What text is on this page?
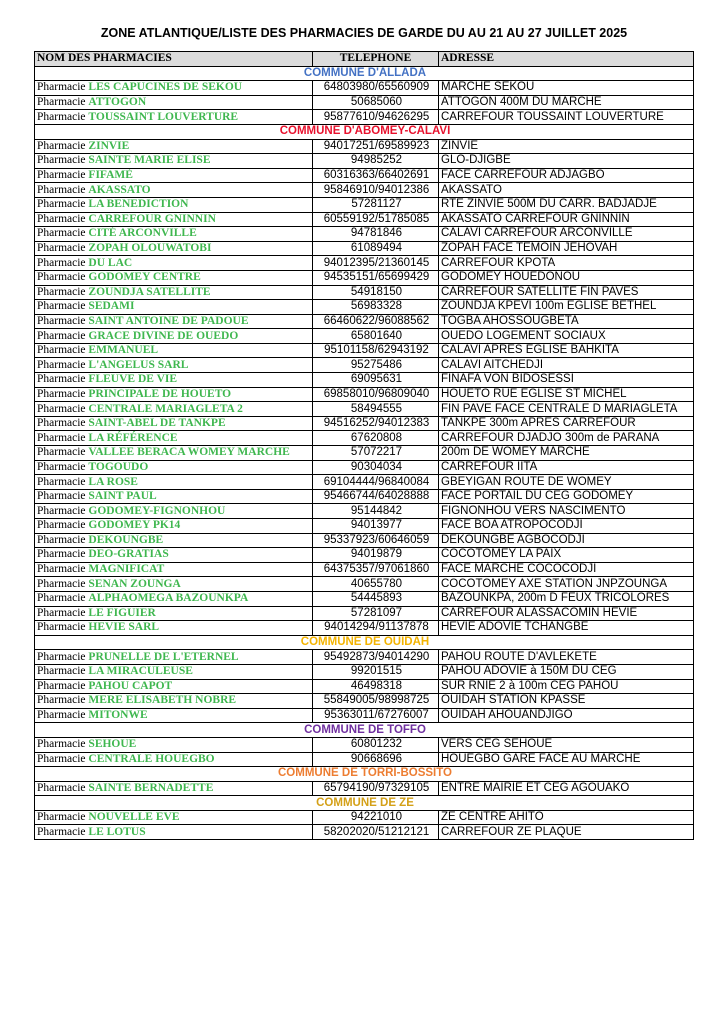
ZONE ATLANTIQUE/LISTE DES PHARMACIES DE GARDE DU AU 21 AU 27 JUILLET 2025
NOM DES PHARMACIES	TELEPHONE	ADRESSE
COMMUNE D'ALLADA		
Pharmacie LES CAPUCINES DE SEKOU	64803980/65560909	MARCHE SEKOU
Pharmacie ATTOGON	50685060	ATTOGON 400M DU MARCHE
Pharmacie TOUSSAINT LOUVERTURE	95877610/94626295	CARREFOUR TOUSSAINT LOUVERTURE
COMMUNE D'ABOMEY-CALAVI		
Pharmacie ZINVIE	94017251/69589923	ZINVIE
Pharmacie SAINTE MARIE ELISE	94985252	GLO-DJIGBE
Pharmacie FIFAMÈ	60316363/66402691	FACE CARREFOUR ADJAGBO
Pharmacie AKASSATO	95846910/94012386	AKASSATO
Pharmacie LA BENEDICTION	57281127	RTE ZINVIE 500M DU CARR. BADJADJE
Pharmacie CARREFOUR GNINNIN	60559192/51785085	AKASSATO CARREFOUR GNINNIN
Pharmacie CITÉ ARCONVILLE	94781846	CALAVI CARREFOUR ARCONVILLE
Pharmacie ZOPAH OLOUWATOBI	61089494	ZOPAH FACE TEMOIN JEHOVAH
Pharmacie DU LAC	94012395/21360145	CARREFOUR KPOTA
Pharmacie GODOMEY CENTRE	94535151/65699429	GODOMEY HOUEDONOU
Pharmacie ZOUNDJA SATELLITE	54918150	CARREFOUR SATELLITE FIN PAVES
Pharmacie SEDAMI	56983328	ZOUNDJA KPEVI 100m EGLISE BETHEL
Pharmacie SAINT ANTOINE DE PADOUE	66460622/96088562	TOGBA AHOSSOUGBETA
Pharmacie GRACE DIVINE DE OUEDO	65801640	OUEDO LOGEMENT SOCIAUX
Pharmacie EMMANUEL	95101158/62943192	CALAVI APRES EGLISE BAHKITA
Pharmacie L'ANGELUS SARL	95275486	CALAVI AITCHEDJI
Pharmacie FLEUVE DE VIE	69095631	FINAFA VON BIDOSESSI
Pharmacie PRINCIPALE DE HOUETO	69858010/96809040	HOUETO RUE EGLISE ST MICHEL
Pharmacie CENTRALE MARIAGLETA 2	58494555	FIN PAVE FACE CENTRALE D MARIAGLETA
Pharmacie SAINT-ABEL DE TANKPE	94516252/94012383	TANKPE 300m APRES CARREFOUR
Pharmacie LA RÉFÉRENCE	67620808	CARREFOUR DJADJO 300m de PARANA
Pharmacie VALLEE BERACA WOMEY MARCHE	57072217	200m DE WOMEY MARCHE
Pharmacie TOGOUDO	90304034	CARREFOUR IITA
Pharmacie LA ROSE	69104444/96840084	GBEYIGAN ROUTE DE WOMEY
Pharmacie SAINT PAUL	95466744/64028888	FACE PORTAIL DU CEG GODOMEY
Pharmacie GODOMEY-FIGNONHOU	95144842	FIGNONHOU VERS NASCIMENTO
Pharmacie GODOMEY PK14	94013977	FACE BOA ATROPOCODJI
Pharmacie DEKOUNGBE	95337923/60646059	DEKOUNGBE AGBOCODJI
Pharmacie DEO-GRATIAS	94019879	COCOTOMEY LA PAIX
Pharmacie MAGNIFICAT	64375357/97061860	FACE MARCHE COCOCODJI
Pharmacie SENAN ZOUNGA	40655780	COCOTOMEY AXE STATION JNPZOUNGA
Pharmacie ALPHAOMEGA BAZOUNKPA	54445893	BAZOUNKPA, 200m D FEUX TRICOLORES
Pharmacie LE FIGUIER	57281097	CARREFOUR ALASSACÔMIN HEVIE
Pharmacie HEVIE SARL	94014294/91137878	HEVIE ADOVIE TCHANGBE
COMMUNE DE OUIDAH		
Pharmacie PRUNELLE DE L'ETERNEL	95492873/94014290	PAHOU ROUTE D'AVLEKETE
Pharmacie LA MIRACULEUSE	99201515	PAHOU ADOVIE à 150M DU CEG
Pharmacie PAHOU CAPOT	46498318	SUR RNIE 2 à 100m CEG PAHOU
Pharmacie MERE ELISABETH NOBRE	55849005/98998725	OUIDAH STATION KPASSE
Pharmacie MITONWE	95363011/67276007	OUIDAH AHOUANDJIGO
COMMUNE DE TOFFO		
Pharmacie SEHOUE	60801232	VERS CEG SEHOUE
Pharmacie CENTRALE HOUEGBO	90668696	HOUEGBO GARE FACE AU MARCHE
COMMUNE DE TORRI-BOSSITO		
Pharmacie SAINTE BERNADETTE	65794190/97329105	ENTRE MAIRIE ET CEG AGOUAKO
COMMUNE DE ZE		
Pharmacie NOUVELLE EVE	94221010	ZE CENTRE AHITO
Pharmacie LE LOTUS	58202020/51212121	CARREFOUR ZE PLAQUE
